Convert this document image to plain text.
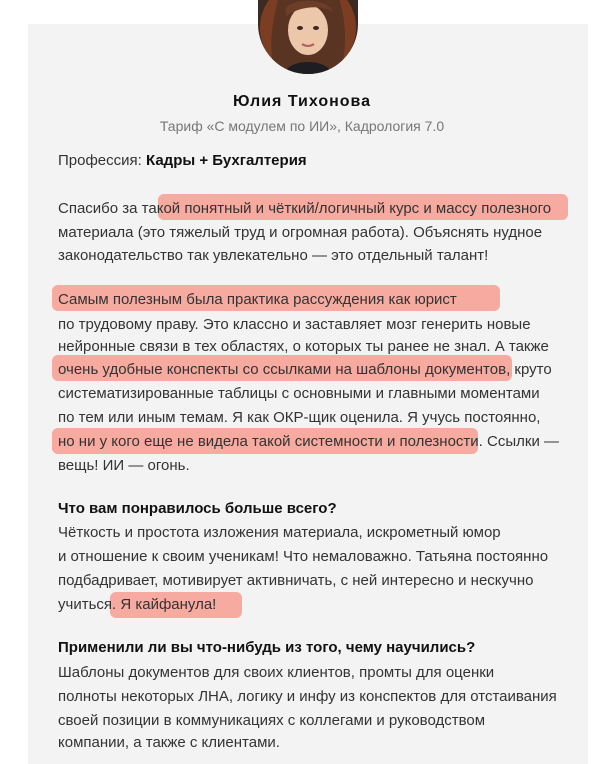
Юлия Тихонова
Тариф «С модулем по ИИ», Кадрология 7.0
Профессия: Кадры + Бухгалтерия
Спасибо за такой понятный и чёткий/логичный курс и массу полезного
материала (это тяжелый труд и огромная работа). Объяснять нудное
законодательство так увлекательно — это отдельный талант!
Самым полезным была практика рассуждения как юрист
по трудовому праву. Это классно и заставляет мозг генерить новые
нейронные связи в тех областях, о которых ты ранее не знал. А также
очень удобные конспекты со ссылками на шаблоны документов, круто
систематизированные таблицы с основными и главными моментами
по тем или иным темам. Я как ОКР-щик оценила. Я учусь постоянно,
но ни у кого еще не видела такой системности и полезности. Ссылки —
вещь! ИИ — огонь.
Что вам понравилось больше всего?
Чёткость и простота изложения материала, искрометный юмор
и отношение к своим ученикам! Что немаловажно. Татьяна постоянно
подбадривает, мотивирует активничать, с ней интересно и нескучно
учиться. Я кайфанула!
Применили ли вы что-нибудь из того, чему научились?
Шаблоны документов для своих клиентов, промты для оценки
полноты некоторых ЛНА, логику и инфу из конспектов для отстаивания
своей позиции в коммуникациях с коллегами и руководством
компании, а также с клиентами.
